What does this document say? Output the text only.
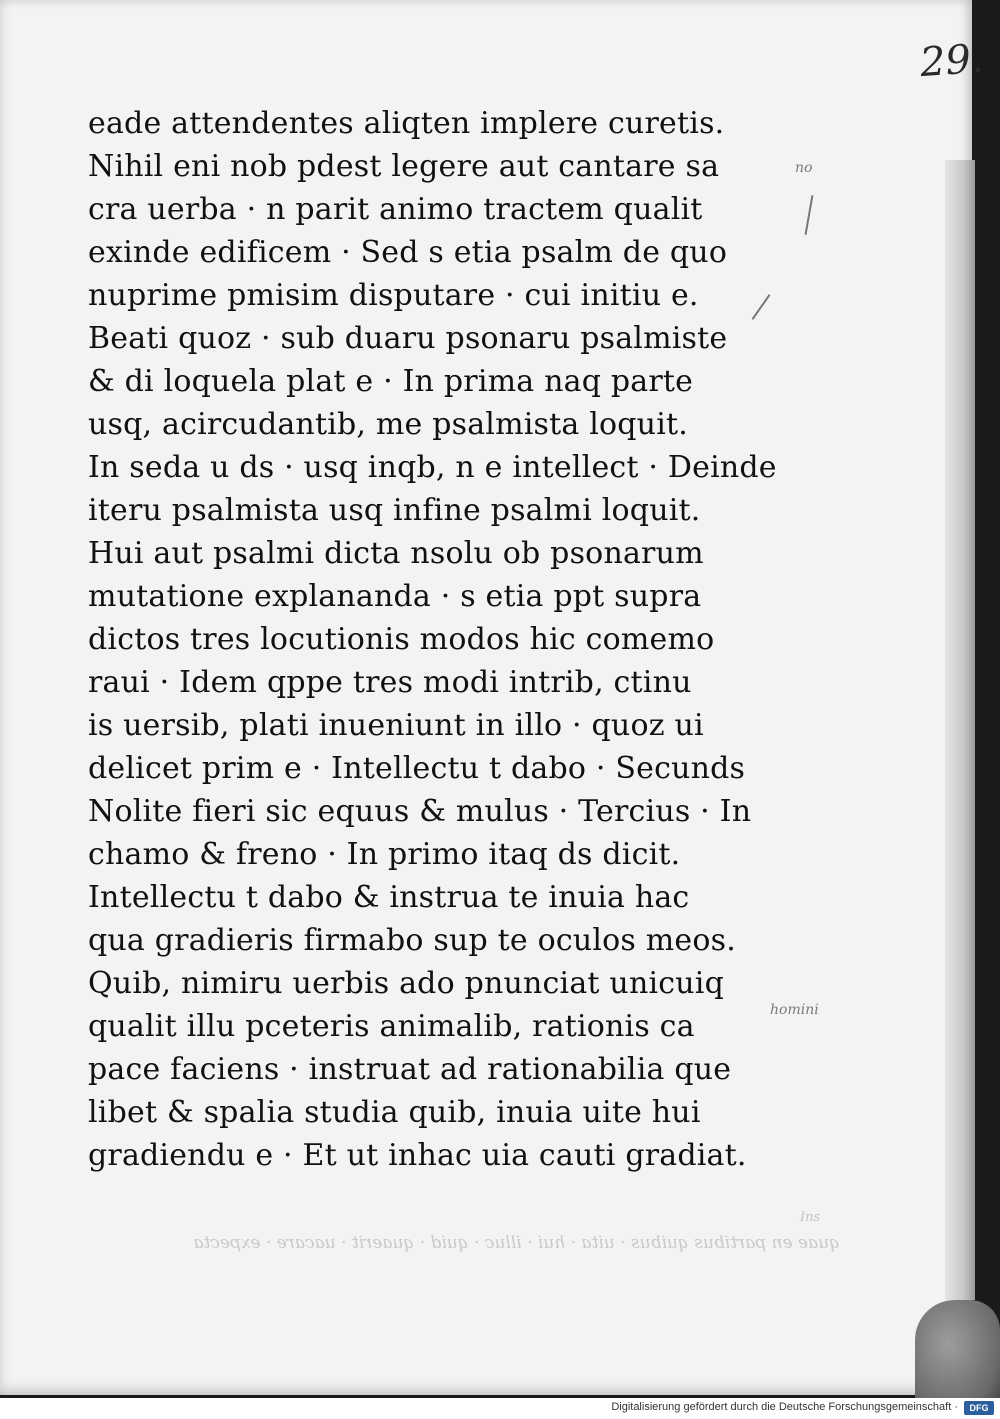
29.
eade attendentes aliqten implere curetis.
Nihil eni nob pdest legere aut cantare sa
cra uerba · n parit animo tractem qualit
exinde edificem · Sed s etia psalm de quo
nuprime pmisim disputare · cui initiu e.
Beati quoz · sub duaru psonaru psalmiste
& di loquela plat e · In prima naq parte
usq, acircudantib, me psalmista loquit.
In seda u ds · usq inqb, n e intellect · Deinde
iteru psalmista usq infine psalmi loquit.
Hui aut psalmi dicta nsolu ob psonarum
mutatione explananda · s etia ppt supra
dictos tres locutionis modos hic comemo
raui · Idem qppe tres modi intrib, ctinu
is uersib, plati inueniunt in illo · quoz ui
delicet prim e · Intellectu t dabo · Secunds
Nolite fieri sic equus & mulus · Tercius · In
chamo & freno · In primo itaq ds dicit.
Intellectu t dabo & instrua te inuia hac
qua gradieris firmabo sup te oculos meos.
Quib, nimiru uerbis ado pnunciat unicuiq
qualit illu pceteris animalib, rationis ca
pace faciens · instruat ad rationabilia que
libet & spalia studia quib, inuia uite hui
gradiendu e · Et ut inhac uia cauti gradiat.
no
homini
quae en partibus quibus · uita · hui · illuc · quid · quaerit · uacare · expecta
Ins
Digitalisierung gefördert durch die Deutsche Forschungsgemeinschaft ·	DFG
